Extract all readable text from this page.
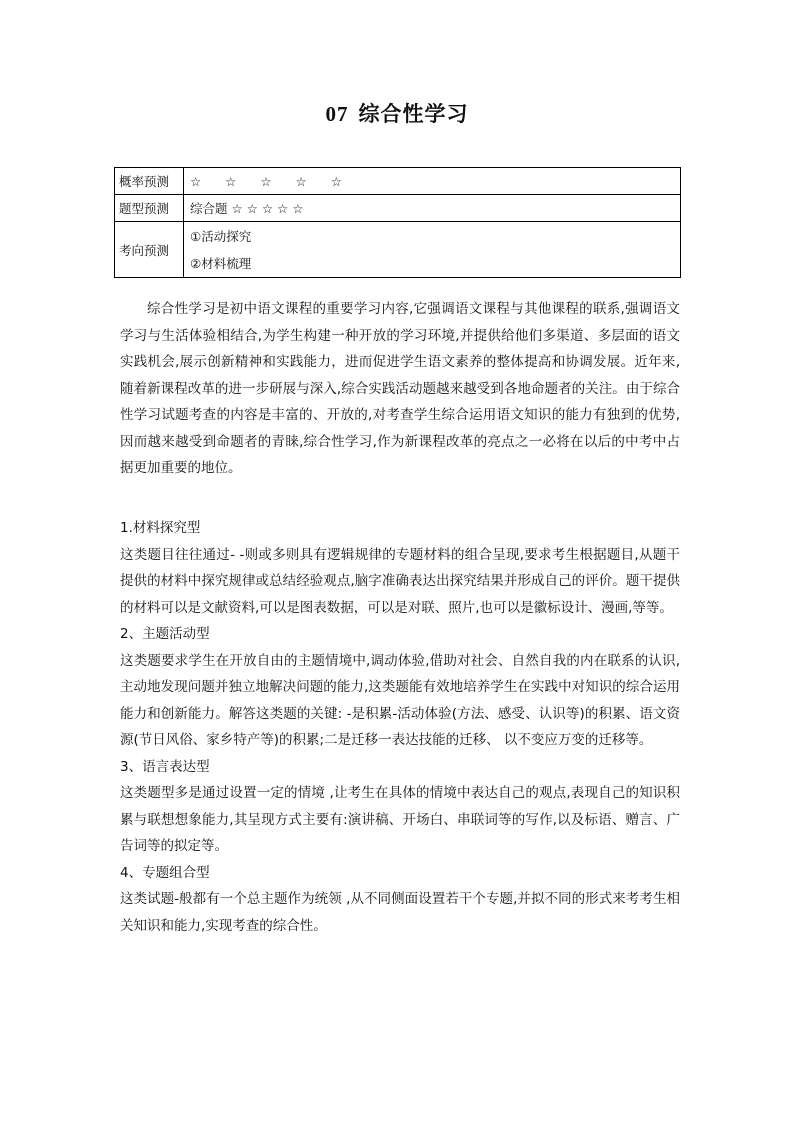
07 综合性学习
概率预测	☆ ☆ ☆ ☆ ☆
题型预测	综合题 ☆ ☆ ☆ ☆ ☆
考向预测	①活动探究
②材料梳理

综合性学习是初中语文课程的重要学习内容,它强调语文课程与其他课程的联系,强调语文学习与生活体验相结合,为学生构建一种开放的学习环境,并提供给他们多渠道、多层面的语文实践机会,展示创新精神和实践能力，进而促进学生语文素养的整体提高和协调发展。近年来,随着新课程改革的进一步研展与深入,综合实践活动题越来越受到各地命题者的关注。由于综合性学习试题考查的内容是丰富的、开放的,对考查学生综合运用语文知识的能力有独到的优势,因而越来越受到命题者的青睐,综合性学习,作为新课程改革的亮点之一必将在以后的中考中占据更加重要的地位。

1.材料探究型

这类题目往往通过- -则或多则具有逻辑规律的专题材料的组合呈现,要求考生根据题目,从题干提供的材料中探究规律或总结经验观点,脑字准确表达出探究结果并形成自己的评价。题干提供的材料可以是文献资料,可以是图表数据，可以是对联、照片,也可以是徽标设计、漫画,等等。

2、主题活动型

这类题要求学生在开放自由的主题情境中,调动体验,借助对社会、自然自我的内在联系的认识,主动地发现问题并独立地解决问题的能力,这类题能有效地培养学生在实践中对知识的综合运用能力和创新能力。解答这类题的关键: -是积累-活动体验(方法、感受、认识等)的积累、语文资源(节日风俗、家乡特产等)的积累;二是迁移一表达技能的迁移、 以不变应万变的迁移等。

3、语言表达型

这类题型多是通过设置一定的情境 ,让考生在具体的情境中表达自己的观点,表现自己的知识积累与联想想象能力,其呈现方式主要有:演讲稿、开场白、串联词等的写作,以及标语、赠言、广告词等的拟定等。

4、专题组合型

这类试题-般都有一个总主题作为统领 ,从不同侧面设置若干个专题,并拟不同的形式来考考生相关知识和能力,实现考查的综合性。
